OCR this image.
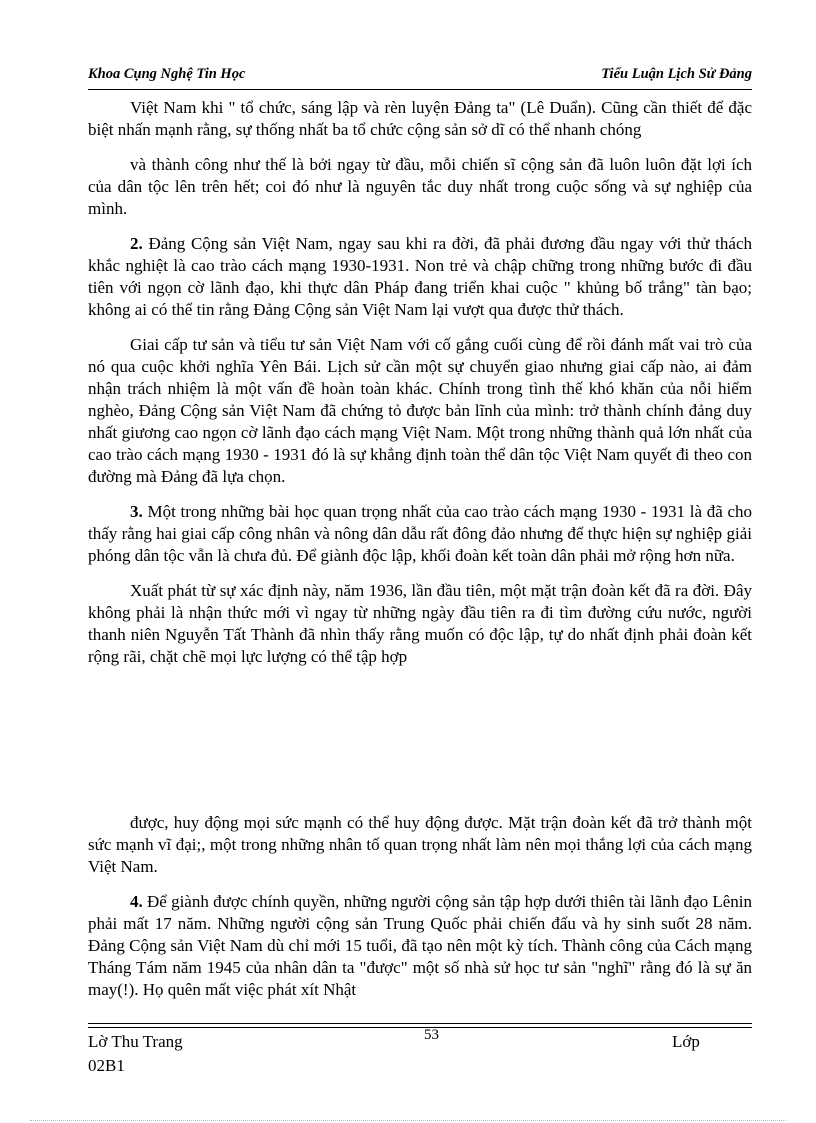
Khoa Cụng Nghệ Tin Học	Tiểu Luận Lịch Sử Đảng

Việt Nam khi " tổ chức, sáng lập và rèn luyện Đảng ta" (Lê Duẩn). Cũng cần thiết để đặc biệt nhấn mạnh rằng, sự thống nhất ba tổ chức cộng sản sở dĩ có thể nhanh chóng

và thành công như thế là bởi ngay từ đầu, mỗi chiến sĩ cộng sản đã luôn luôn đặt lợi ích của dân tộc lên trên hết; coi đó như là nguyên tắc duy nhất trong cuộc sống và sự nghiệp của mình.

2. Đảng Cộng sản Việt Nam, ngay sau khi ra đời, đã phải đương đầu ngay với thử thách khắc nghiệt là cao trào cách mạng 1930-1931. Non trẻ và chập chững trong những bước đi đầu tiên với ngọn cờ lãnh đạo, khi thực dân Pháp đang triển khai cuộc " khủng bố trắng" tàn bạo; không ai có thể tin rằng Đảng Cộng sản Việt Nam lại vượt qua được thử thách.

Giai cấp tư sản và tiểu tư sản Việt Nam với cố gắng cuối cùng để rồi đánh mất vai trò của nó qua cuộc khởi nghĩa Yên Bái. Lịch sử cần một sự chuyển giao nhưng giai cấp nào, ai đảm nhận trách nhiệm là một vấn đề hoàn toàn khác. Chính trong tình thế khó khăn của nỗi hiểm nghèo, Đảng Cộng sản Việt Nam đã chứng tỏ được bản lĩnh của mình: trở thành chính đảng duy nhất giương cao ngọn cờ lãnh đạo cách mạng Việt Nam. Một trong những thành quả lớn nhất của cao trào cách mạng 1930 - 1931 đó là sự khẳng định toàn thể dân tộc Việt Nam quyết đi theo con đường mà Đảng đã lựa chọn.

3. Một trong những bài học quan trọng nhất của cao trào cách mạng 1930 - 1931 là đã cho thấy rằng hai giai cấp công nhân và nông dân dẫu rất đông đảo nhưng để thực hiện sự nghiệp giải phóng dân tộc vẫn là chưa đủ. Để giành độc lập, khối đoàn kết toàn dân phải mở rộng hơn nữa.

Xuất phát từ sự xác định này, năm 1936, lần đầu tiên, một mặt trận đoàn kết đã ra đời. Đây không phải là nhận thức mới vì ngay từ những ngày đầu tiên ra đi tìm đường cứu nước, người thanh niên Nguyễn Tất Thành đã nhìn thấy rằng muốn có độc lập, tự do nhất định phải đoàn kết rộng rãi, chặt chẽ mọi lực lượng có thể tập hợp

được, huy động mọi sức mạnh có thể huy động được. Mặt trận đoàn kết đã trở thành một sức mạnh vĩ đại;, một trong những nhân tố quan trọng nhất làm nên mọi thắng lợi của cách mạng Việt Nam.

4. Để giành được chính quyền, những người cộng sản tập hợp dưới thiên tài lãnh đạo Lênin phải mất 17 năm. Những người cộng sản Trung Quốc phải chiến đấu và hy sinh suốt 28 năm. Đảng Cộng sản Việt Nam dù chỉ mới 15 tuổi, đã tạo nên một kỳ tích. Thành công của Cách mạng Tháng Tám năm 1945 của nhân dân ta "được" một số nhà sử học tư sản "nghĩ" rằng đó là sự ăn may(!). Họ quên mất việc phát xít Nhật

Lờ Thu Trang	53	Lớp
02B1
